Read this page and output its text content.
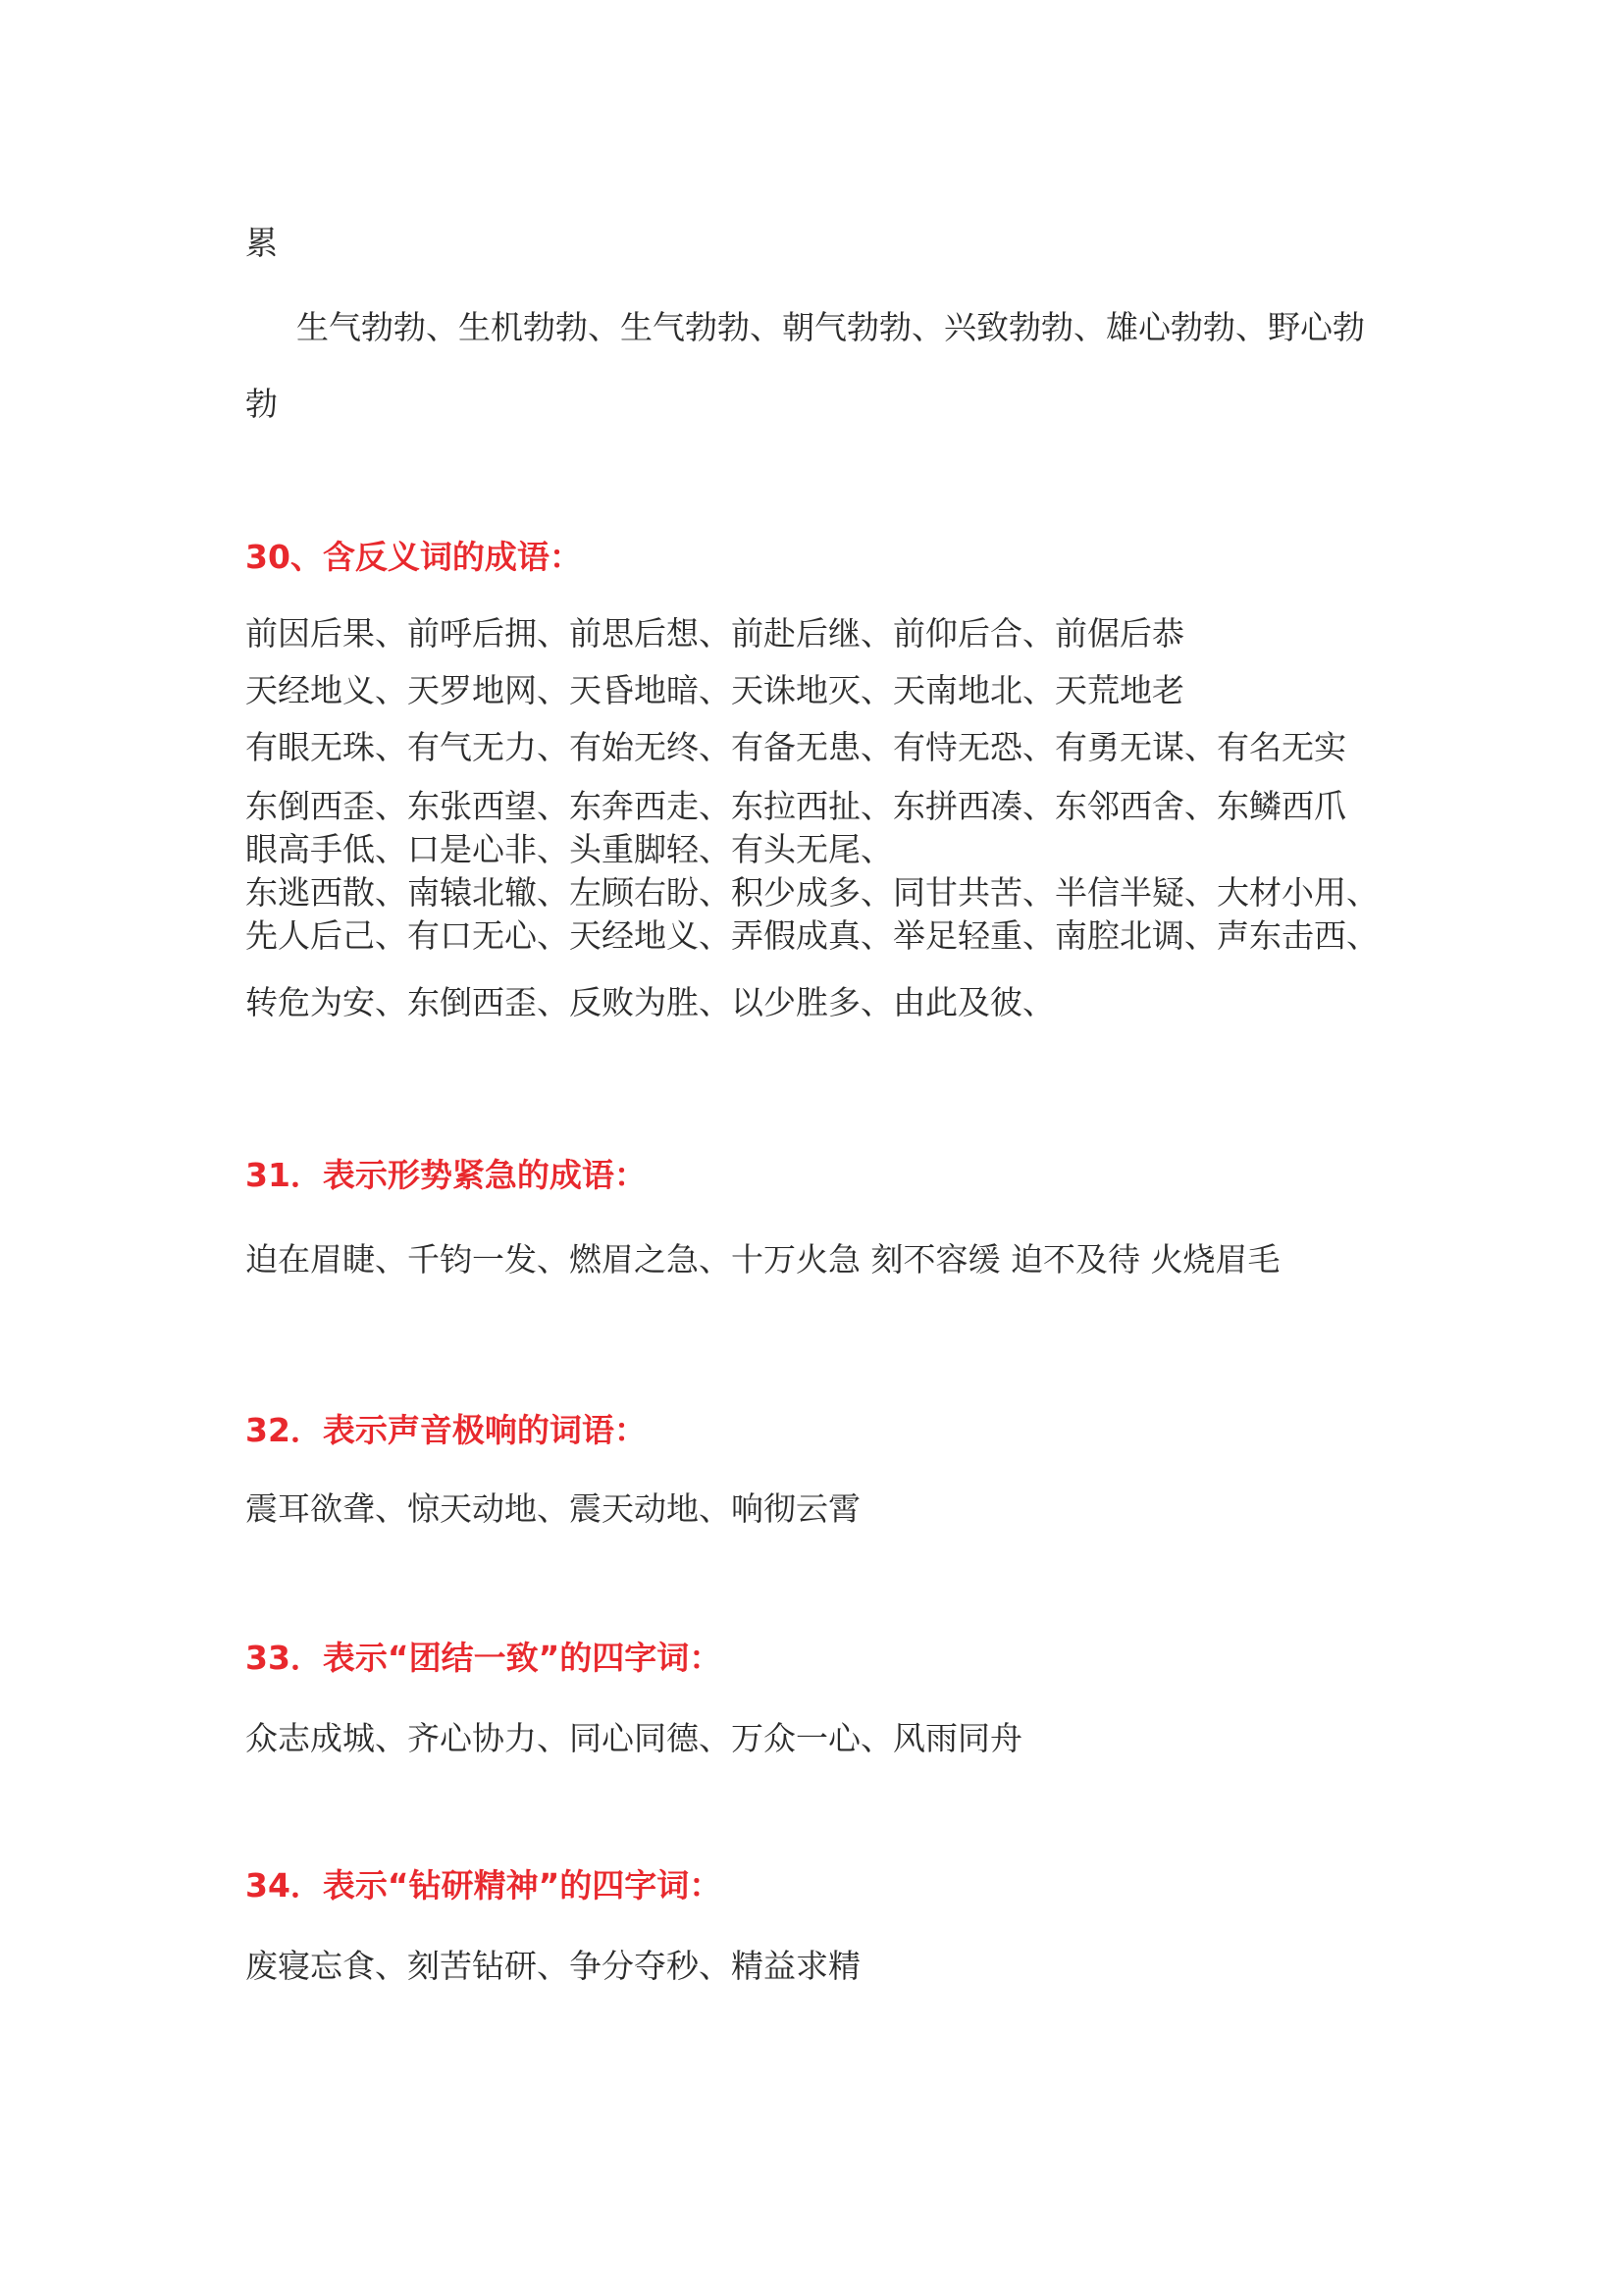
累
生气勃勃、生机勃勃、生气勃勃、朝气勃勃、兴致勃勃、雄心勃勃、野心勃
勃
30、含反义词的成语：
前因后果、前呼后拥、前思后想、前赴后继、前仰后合、前倨后恭
天经地义、天罗地网、天昏地暗、天诛地灭、天南地北、天荒地老
有眼无珠、有气无力、有始无终、有备无患、有恃无恐、有勇无谋、有名无实
东倒西歪、东张西望、东奔西走、东拉西扯、东拼西凑、东邻西舍、东鳞西爪
眼高手低、口是心非、头重脚轻、有头无尾、
东逃西散、南辕北辙、左顾右盼、积少成多、同甘共苦、半信半疑、大材小用、
先人后己、有口无心、天经地义、弄假成真、举足轻重、南腔北调、声东击西、
转危为安、东倒西歪、反败为胜、以少胜多、由此及彼、
31．表示形势紧急的成语：
迫在眉睫、千钧一发、燃眉之急、十万火急 刻不容缓 迫不及待 火烧眉毛
32．表示声音极响的词语：
震耳欲聋、惊天动地、震天动地、响彻云霄
33．表示“团结一致”的四字词：
众志成城、齐心协力、同心同德、万众一心、风雨同舟
34．表示“钻研精神”的四字词：
废寝忘食、刻苦钻研、争分夺秒、精益求精
